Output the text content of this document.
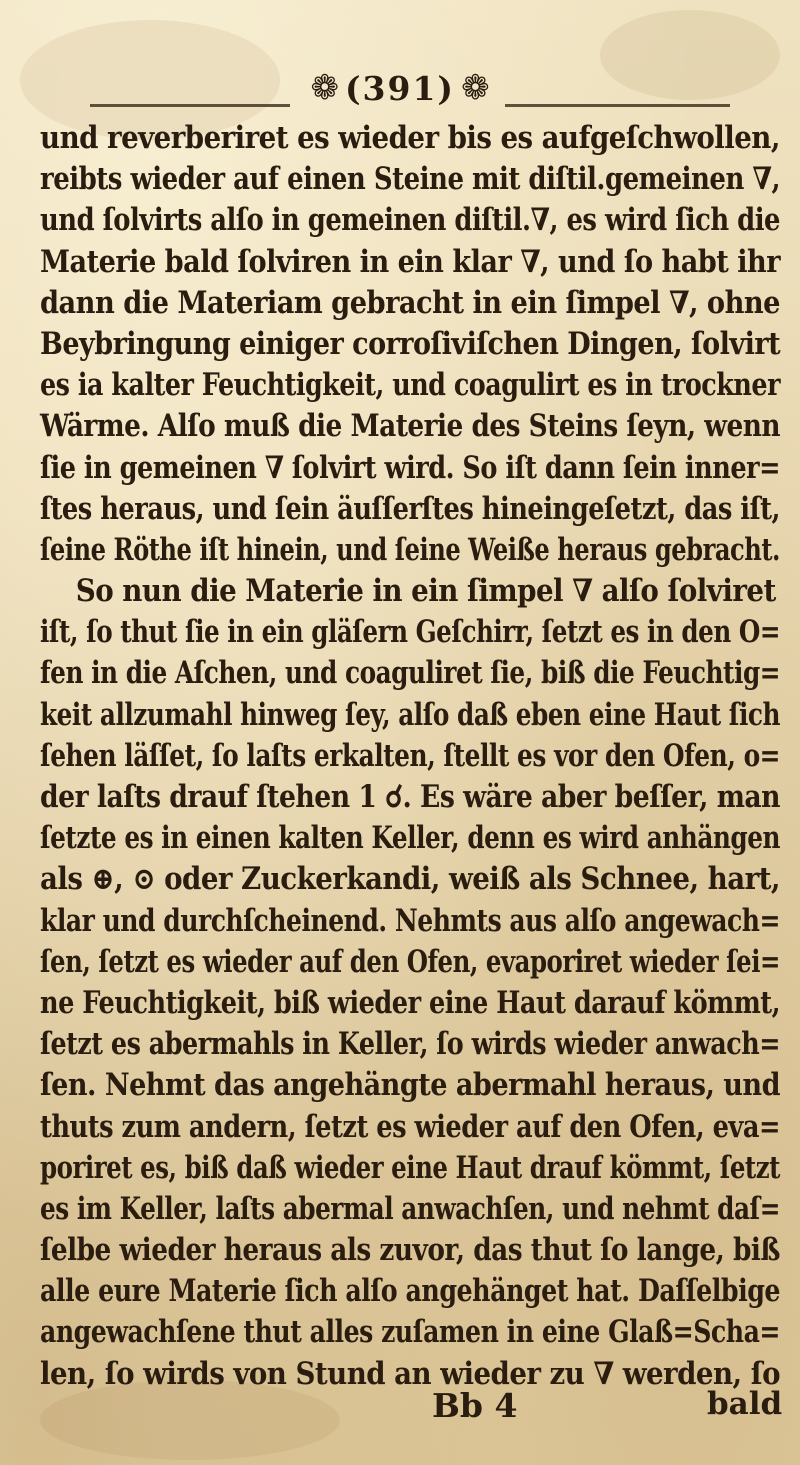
❁ (391) ❁
und reverberiret es wieder bis es aufgeſchwollen,
reibts wieder auf einen Steine mit diſtil.gemeinen ∇,
und ſolvirts alſo in gemeinen diſtil.∇, es wird ſich die
Materie bald ſolviren in ein klar ∇, und ſo habt ihr
dann die Materiam gebracht in ein ſimpel ∇, ohne
Beybringung einiger corroſiviſchen Dingen, ſolvirt
es ia kalter Feuchtigkeit, und coagulirt es in trockner
Wärme. Alſo muß die Materie des Steins ſeyn, wenn
ſie in gemeinen ∇ ſolvirt wird. So iſt dann ſein inner=
ſtes heraus, und ſein äuſſerſtes hineingeſetzt, das iſt,
ſeine Röthe iſt hinein, und ſeine Weiße heraus gebracht.
So nun die Materie in ein ſimpel ∇ alſo ſolviret
iſt, ſo thut ſie in ein gläſern Geſchirr, ſetzt es in den O=
fen in die Aſchen, und coaguliret ſie, biß die Feuchtig=
keit allzumahl hinweg ſey, alſo daß eben eine Haut ſich
ſehen läſſet, ſo laſts erkalten, ſtellt es vor den Ofen, o=
der laſts drauf ſtehen 1 ☌. Es wäre aber beſſer, man
ſetzte es in einen kalten Keller, denn es wird anhängen
als ⊕, ⊙ oder Zuckerkandi, weiß als Schnee, hart,
klar und durchſcheinend. Nehmts aus alſo angewach=
ſen, ſetzt es wieder auf den Ofen, evaporiret wieder ſei=
ne Feuchtigkeit, biß wieder eine Haut darauf kömmt,
ſetzt es abermahls in Keller, ſo wirds wieder anwach=
ſen. Nehmt das angehängte abermahl heraus, und
thuts zum andern, ſetzt es wieder auf den Ofen, eva=
poriret es, biß daß wieder eine Haut drauf kömmt, ſetzt
es im Keller, laſts abermal anwachſen, und nehmt daſ=
ſelbe wieder heraus als zuvor, das thut ſo lange, biß
alle eure Materie ſich alſo angehänget hat. Daſſelbige
angewachſene thut alles zuſamen in eine Glaß=Scha=
len, ſo wirds von Stund an wieder zu ∇ werden, ſo
Bb 4	bald
